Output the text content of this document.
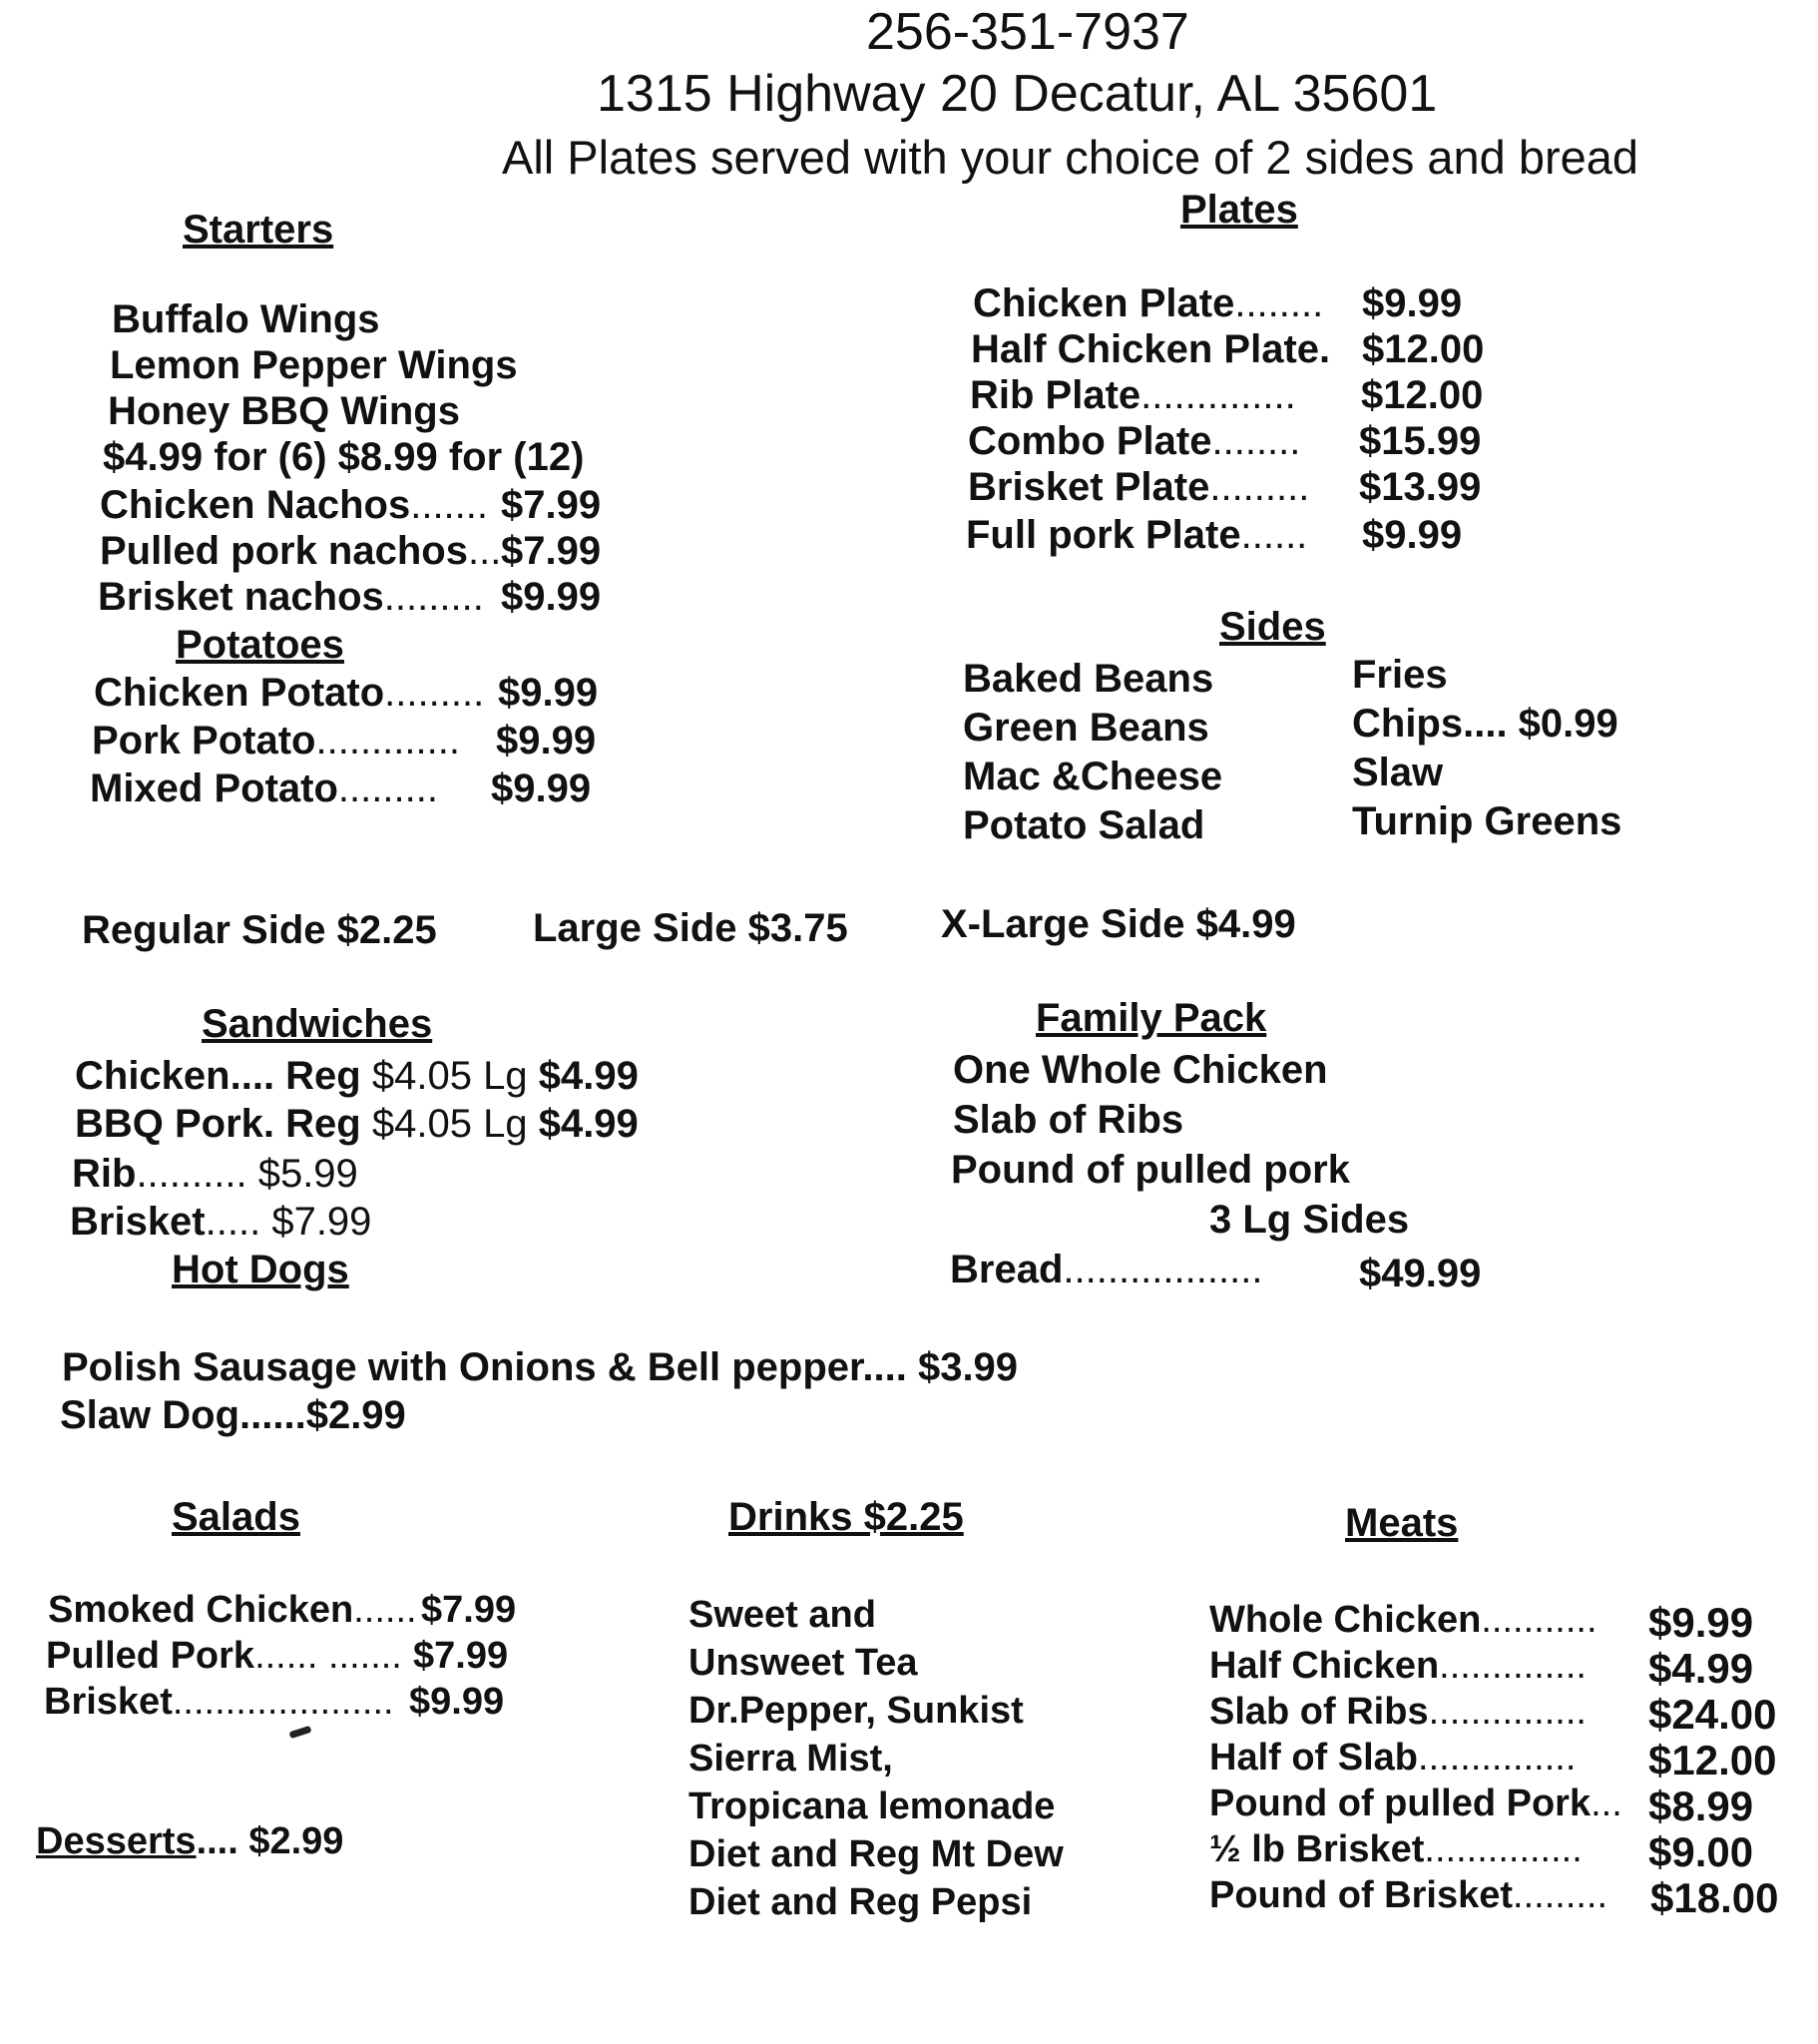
256-351-7937
1315 Highway 20 Decatur, AL 35601
All Plates served with your choice of 2 sides and bread
Starters
Buffalo Wings
Lemon Pepper Wings
Honey BBQ Wings
$4.99 for (6) $8.99 for (12)
Chicken Nachos....... $7.99
Pulled pork nachos... $7.99
Brisket nachos......... $9.99
Potatoes
Chicken Potato......... $9.99
Pork Potato............. $9.99
Mixed Potato......... $9.99
Plates
Chicken Plate........ $9.99
Half Chicken Plate. $12.00
Rib Plate.............. $12.00
Combo Plate........ $15.99
Brisket Plate......... $13.99
Full pork Plate...... $9.99
Sides
Baked Beans
Green Beans
Mac &Cheese
Potato Salad
Fries
Chips.... $0.99
Slaw
Turnip Greens
Regular Side $2.25 Large Side $3.75 X-Large Side $4.99
Sandwiches
Chicken.... Reg $4.05 Lg $4.99
BBQ Pork. Reg $4.05 Lg $4.99
Rib.......... $5.99
Brisket..... $7.99
Hot Dogs
Polish Sausage with Onions & Bell pepper.... $3.99
Slaw Dog......$2.99
Family Pack
One Whole Chicken
Slab of Ribs
Pound of pulled pork
3 Lg Sides
Bread.................. $49.99
Salads
Smoked Chicken...... $7.99
Pulled Pork...... ....... $7.99
Brisket..................... $9.99
Desserts.... $2.99
Drinks $2.25
Sweet and
Unsweet Tea
Dr.Pepper, Sunkist
Sierra Mist,
Tropicana lemonade
Diet and Reg Mt Dew
Diet and Reg Pepsi
Meats
Whole Chicken........... $9.99
Half Chicken.............. $4.99
Slab of Ribs............... $24.00
Half of Slab............... $12.00
Pound of pulled Pork... $8.99
½ lb Brisket............... $9.00
Pound of Brisket......... $18.00
